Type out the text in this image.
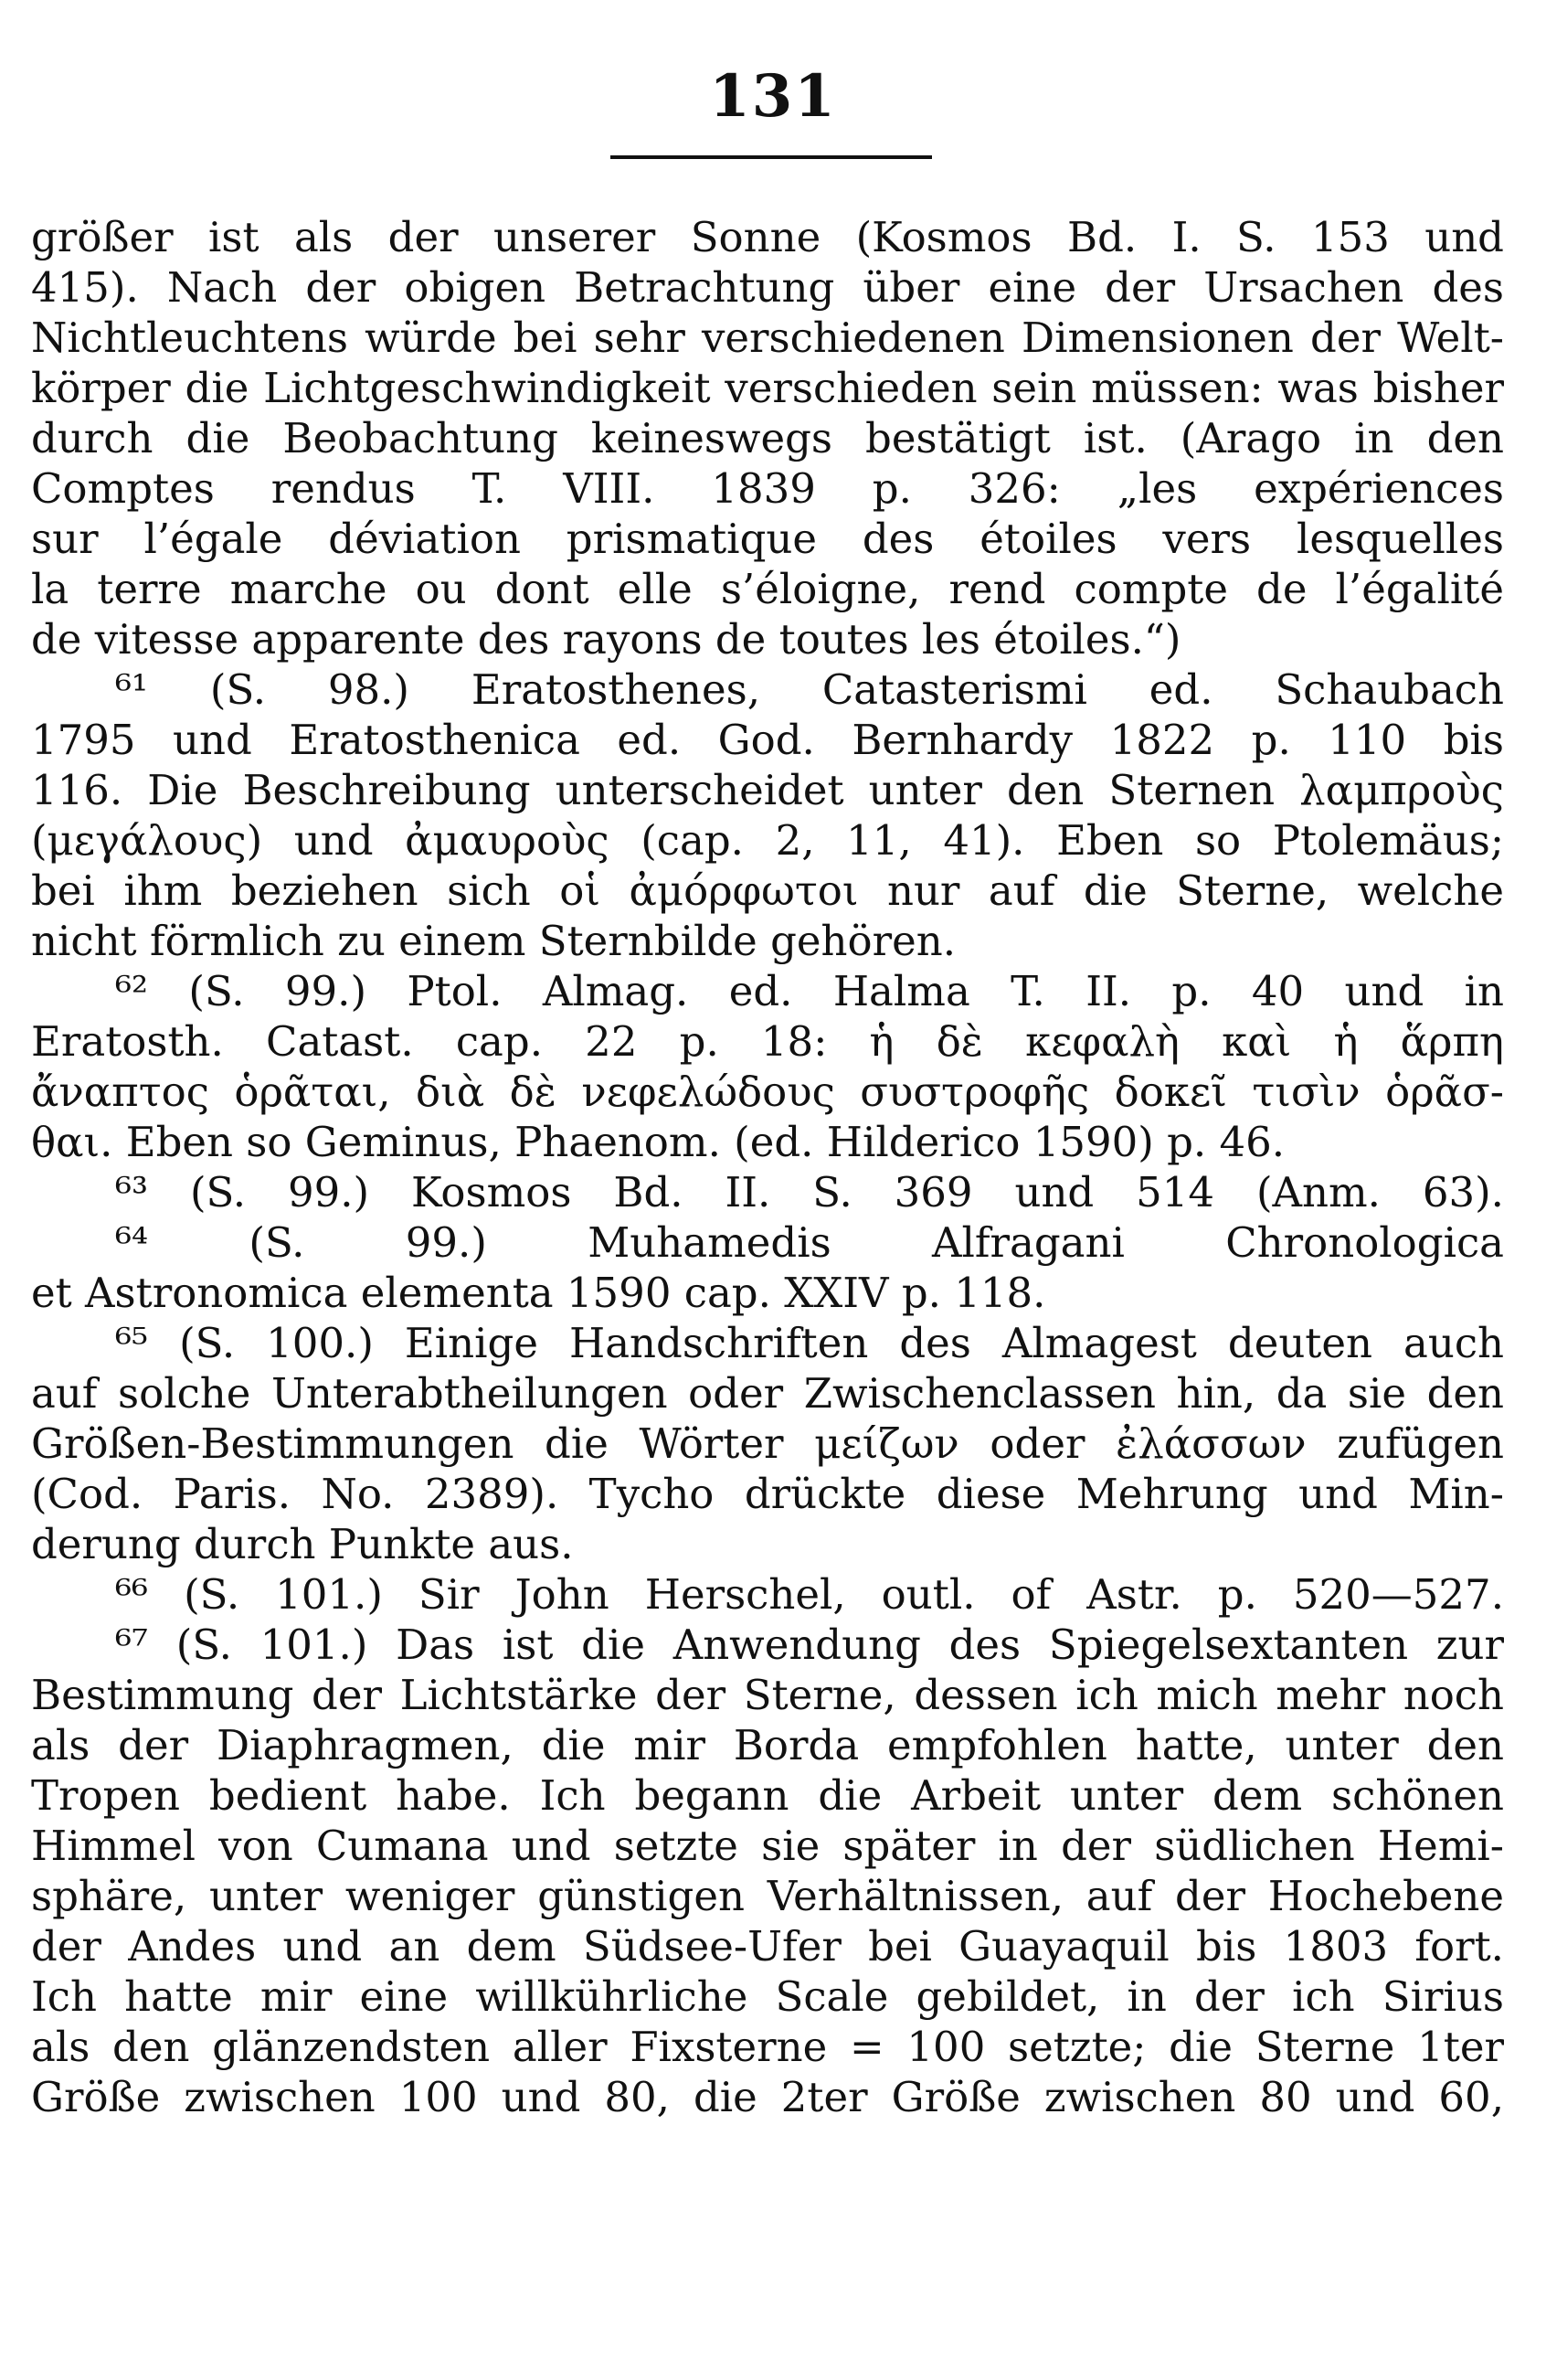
131
größer ist als der unserer Sonne (Kosmos Bd. I. S. 153 und
415). Nach der obigen Betrachtung über eine der Ursachen des
Nichtleuchtens würde bei sehr verschiedenen Dimensionen der Welt-
körper die Lichtgeschwindigkeit verschieden sein müssen: was bisher
durch die Beobachtung keineswegs bestätigt ist. (Arago in den
Comptes rendus T. VIII. 1839 p. 326: „les expériences
sur l’égale déviation prismatique des étoiles vers lesquelles
la terre marche ou dont elle s’éloigne, rend compte de l’égalité
de vitesse apparente des rayons de toutes les étoiles.“)
⁶¹ (S. 98.) Eratosthenes, Catasterismi ed. Schaubach
1795 und Eratosthenica ed. God. Bernhardy 1822 p. 110 bis
116. Die Beschreibung unterscheidet unter den Sternen λαμπροὺς
(μεγάλους) und ἀμαυροὺς (cap. 2, 11, 41). Eben so Ptolemäus;
bei ihm beziehen sich οἱ ἀμόρφωτοι nur auf die Sterne, welche
nicht förmlich zu einem Sternbilde gehören.
⁶² (S. 99.) Ptol. Almag. ed. Halma T. II. p. 40 und in
Eratosth. Catast. cap. 22 p. 18: ἡ δὲ κεφαλὴ καὶ ἡ ἅρπη
ἄναπτος ὁρᾶται, διὰ δὲ νεφελώδους συστροφῆς δοκεῖ τισὶν ὁρᾶσ-
θαι. Eben so Geminus, Phaenom. (ed. Hilderico 1590) p. 46.
⁶³ (S. 99.) Kosmos Bd. II. S. 369 und 514 (Anm. 63).
⁶⁴ (S. 99.) Muhamedis Alfragani Chronologica
et Astronomica elementa 1590 cap. XXIV p. 118.
⁶⁵ (S. 100.) Einige Handschriften des Almagest deuten auch
auf solche Unterabtheilungen oder Zwischenclassen hin, da sie den
Größen-Bestimmungen die Wörter μείζων oder ἐλάσσων zufügen
(Cod. Paris. No. 2389). Tycho drückte diese Mehrung und Min-
derung durch Punkte aus.
⁶⁶ (S. 101.) Sir John Herschel, outl. of Astr. p. 520—527.
⁶⁷ (S. 101.) Das ist die Anwendung des Spiegelsextanten zur
Bestimmung der Lichtstärke der Sterne, dessen ich mich mehr noch
als der Diaphragmen, die mir Borda empfohlen hatte, unter den
Tropen bedient habe. Ich begann die Arbeit unter dem schönen
Himmel von Cumana und setzte sie später in der südlichen Hemi-
sphäre, unter weniger günstigen Verhältnissen, auf der Hochebene
der Andes und an dem Südsee-Ufer bei Guayaquil bis 1803 fort.
Ich hatte mir eine willkührliche Scale gebildet, in der ich Sirius
als den glänzendsten aller Fixsterne = 100 setzte; die Sterne 1ter
Größe zwischen 100 und 80, die 2ter Größe zwischen 80 und 60,
